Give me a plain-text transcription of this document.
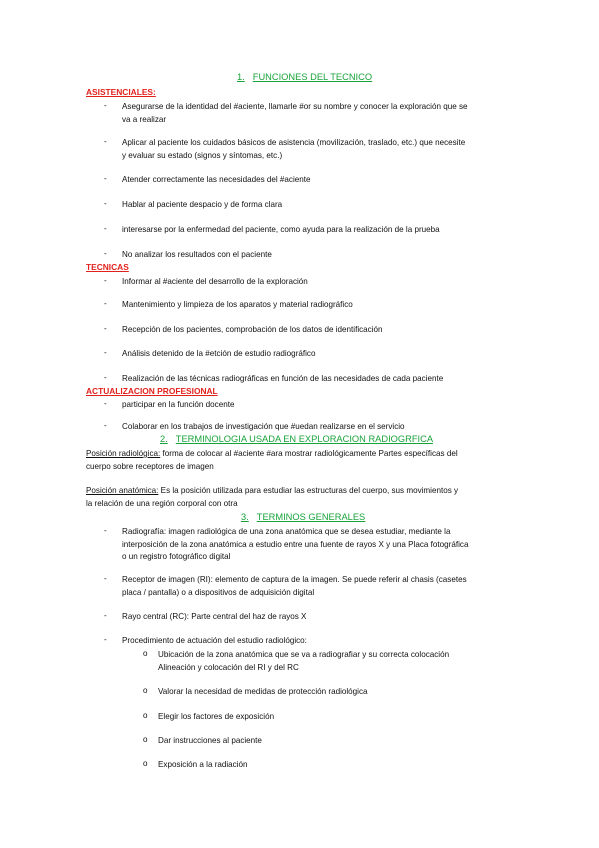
1. FUNCIONES DEL TECNICO
ASISTENCIALES:
- Asegurarse de la identidad del #aciente, llamarle #or su nombre y conocer la exploración que se
va a realizar
- Aplicar al paciente los cuidados básicos de asistencia (movilización, traslado, etc.) que necesite
y evaluar su estado (signos y síntomas, etc.)
- Atender correctamente las necesidades del #aciente
- Hablar al paciente despacio y de forma clara
- interesarse por la enfermedad del paciente, como ayuda para la realización de la prueba
- No analizar los resultados con el paciente
TECNICAS
- Informar al #aciente del desarrollo de la exploración
- Mantenimiento y limpieza de los aparatos y material radiográfico
- Recepción de los pacientes, comprobación de los datos de identificación
- Análisis detenido de la #etción de estudio radiográfico
- Realización de las técnicas radiográficas en función de las necesidades de cada paciente
ACTUALIZACION PROFESIONAL
- participar en la función docente
- Colaborar en los trabajos de investigación que #uedan realizarse en el servicio
2. TERMINOLOGIA USADA EN EXPLORACION RADIOGRFICA
Posición radiológica: forma de colocar al #aciente #ara mostrar radiológicamente Partes específicas del
cuerpo sobre receptores de imagen
Posición anatómica: Es la posición utilizada para estudiar las estructuras del cuerpo, sus movimientos y
la relación de una región corporal con otra
3. TERMINOS GENERALES
- Radiografía: imagen radiológica de una zona anatómica que se desea estudiar, mediante la
interposición de la zona anatómica a estudio entre una fuente de rayos X y una Placa fotográfica
o un registro fotográfico digital
- Receptor de imagen (RI): elemento de captura de la imagen. Se puede referir al chasis (casetes
placa / pantalla) o a dispositivos de adquisición digital
- Rayo central (RC): Parte central del haz de rayos X
- Procedimiento de actuación del estudio radiológico:
o Ubicación de la zona anatómica que se va a radiografiar y su correcta colocación
Alineación y colocación del RI y del RC
o Valorar la necesidad de medidas de protección radiológica
o Elegir los factores de exposición
o Dar instrucciones al paciente
o Exposición a la radiación
